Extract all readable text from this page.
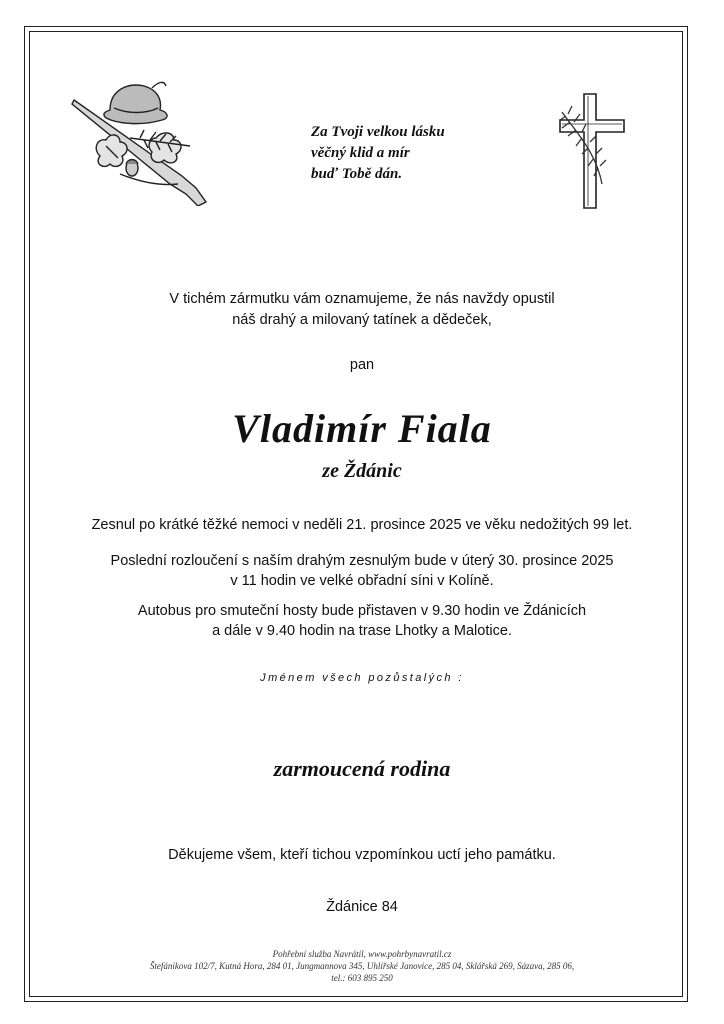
Za Tvoji velkou lásku
věčný klid a mír
buď Tobě dán.
V tichém zármutku vám oznamujeme, že nás navždy opustil
náš drahý a milovaný tatínek a dědeček,
pan
Vladimír Fiala
ze Ždánic
Zesnul po krátké těžké nemoci v neděli 21. prosince 2025 ve věku nedožitých 99 let.
Poslední rozloučení s naším drahým zesnulým bude v úterý 30. prosince 2025
v 11 hodin ve velké obřadní síni v Kolíně.
Autobus pro smuteční hosty bude přistaven v 9.30 hodin ve Ždánicích
a dále v 9.40 hodin na trase Lhotky a Malotice.
Jménem všech pozůstalých :
zarmoucená rodina
Děkujeme všem, kteří tichou vzpomínkou uctí jeho památku.
Ždánice 84
Pohřební služba Navrátil, www.pohrbynavratil.cz
Štefánikova 102/7, Kutná Hora, 284 01, Jungmannova 345, Uhlířské Janovice, 285 04, Sklářská 269, Sázava, 285 06,
tel.: 603 895 250
